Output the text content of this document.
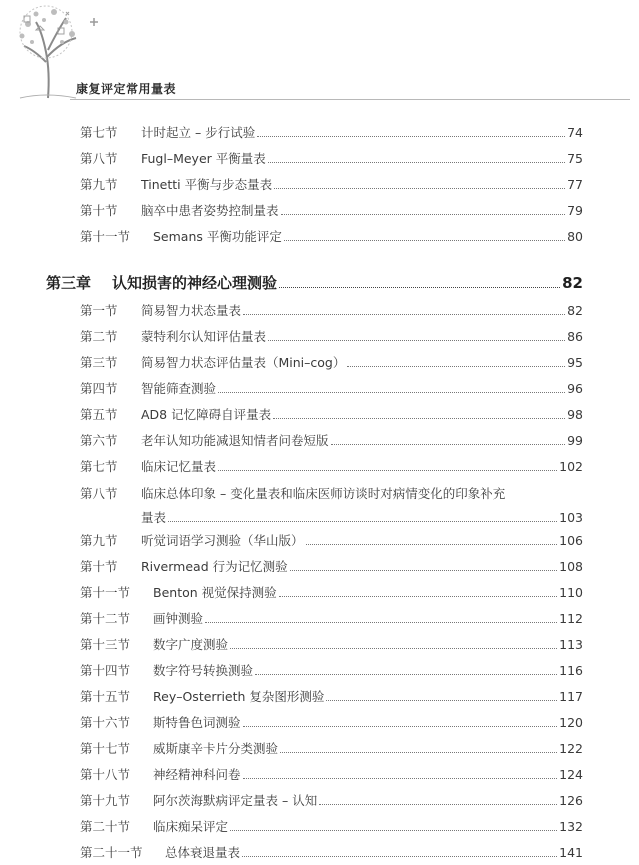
康复评定常用量表
第七节 计时起立 – 步行试验	74
第八节 Fugl–Meyer 平衡量表	75
第九节 Tinetti 平衡与步态量表	77
第十节 脑卒中患者姿势控制量表	79
第十一节 Semans 平衡功能评定	80
第三章 认知损害的神经心理测验	82
第一节 简易智力状态量表	82
第二节 蒙特利尔认知评估量表	86
第三节 简易智力状态评估量表（Mini–cog）	95
第四节 智能筛查测验	96
第五节 AD8 记忆障碍自评量表	98
第六节 老年认知功能减退知情者问卷短版	99
第七节 临床记忆量表	102
第八节 临床总体印象 – 变化量表和临床医师访谈时对病情变化的印象补充
量表	103
第九节 听觉词语学习测验（华山版）	106
第十节 Rivermead 行为记忆测验	108
第十一节 Benton 视觉保持测验	110
第十二节 画钟测验	112
第十三节 数字广度测验	113
第十四节 数字符号转换测验	116
第十五节 Rey–Osterrieth 复杂图形测验	117
第十六节 斯特鲁色词测验	120
第十七节 威斯康辛卡片分类测验	122
第十八节 神经精神科问卷	124
第十九节 阿尔茨海默病评定量表 – 认知	126
第二十节 临床痴呆评定	132
第二十一节 总体衰退量表	141
